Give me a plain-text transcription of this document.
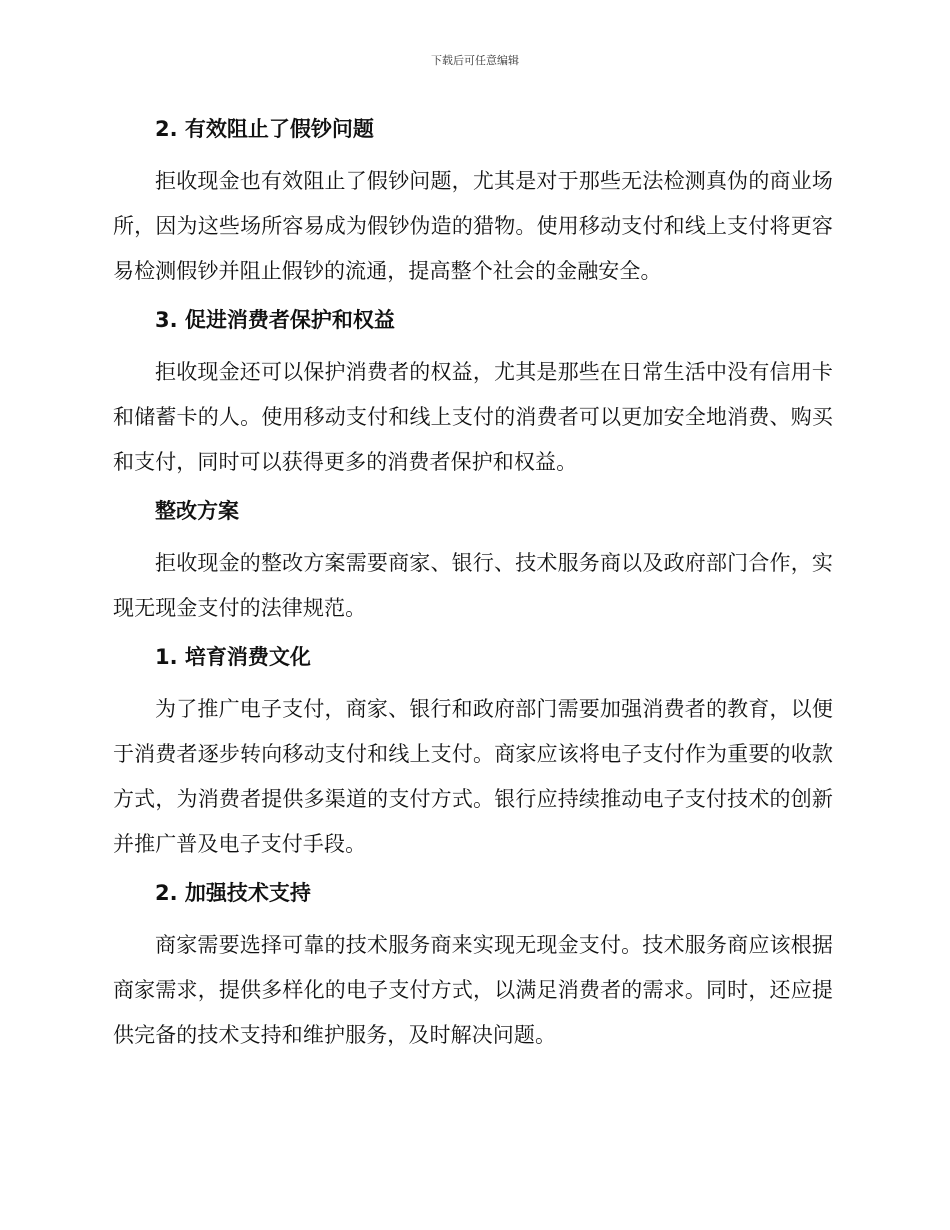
下载后可任意编辑
2. 有效阻止了假钞问题

拒收现金也有效阻止了假钞问题，尤其是对于那些无法检测真伪的商业场所，因为这些场所容易成为假钞伪造的猎物。使用移动支付和线上支付将更容易检测假钞并阻止假钞的流通，提高整个社会的金融安全。

3. 促进消费者保护和权益

拒收现金还可以保护消费者的权益，尤其是那些在日常生活中没有信用卡和储蓄卡的人。使用移动支付和线上支付的消费者可以更加安全地消费、购买和支付，同时可以获得更多的消费者保护和权益。

整改方案

拒收现金的整改方案需要商家、银行、技术服务商以及政府部门合作，实现无现金支付的法律规范。

1. 培育消费文化

为了推广电子支付，商家、银行和政府部门需要加强消费者的教育，以便于消费者逐步转向移动支付和线上支付。商家应该将电子支付作为重要的收款方式，为消费者提供多渠道的支付方式。银行应持续推动电子支付技术的创新并推广普及电子支付手段。

2. 加强技术支持

商家需要选择可靠的技术服务商来实现无现金支付。技术服务商应该根据商家需求，提供多样化的电子支付方式，以满足消费者的需求。同时，还应提供完备的技术支持和维护服务，及时解决问题。
